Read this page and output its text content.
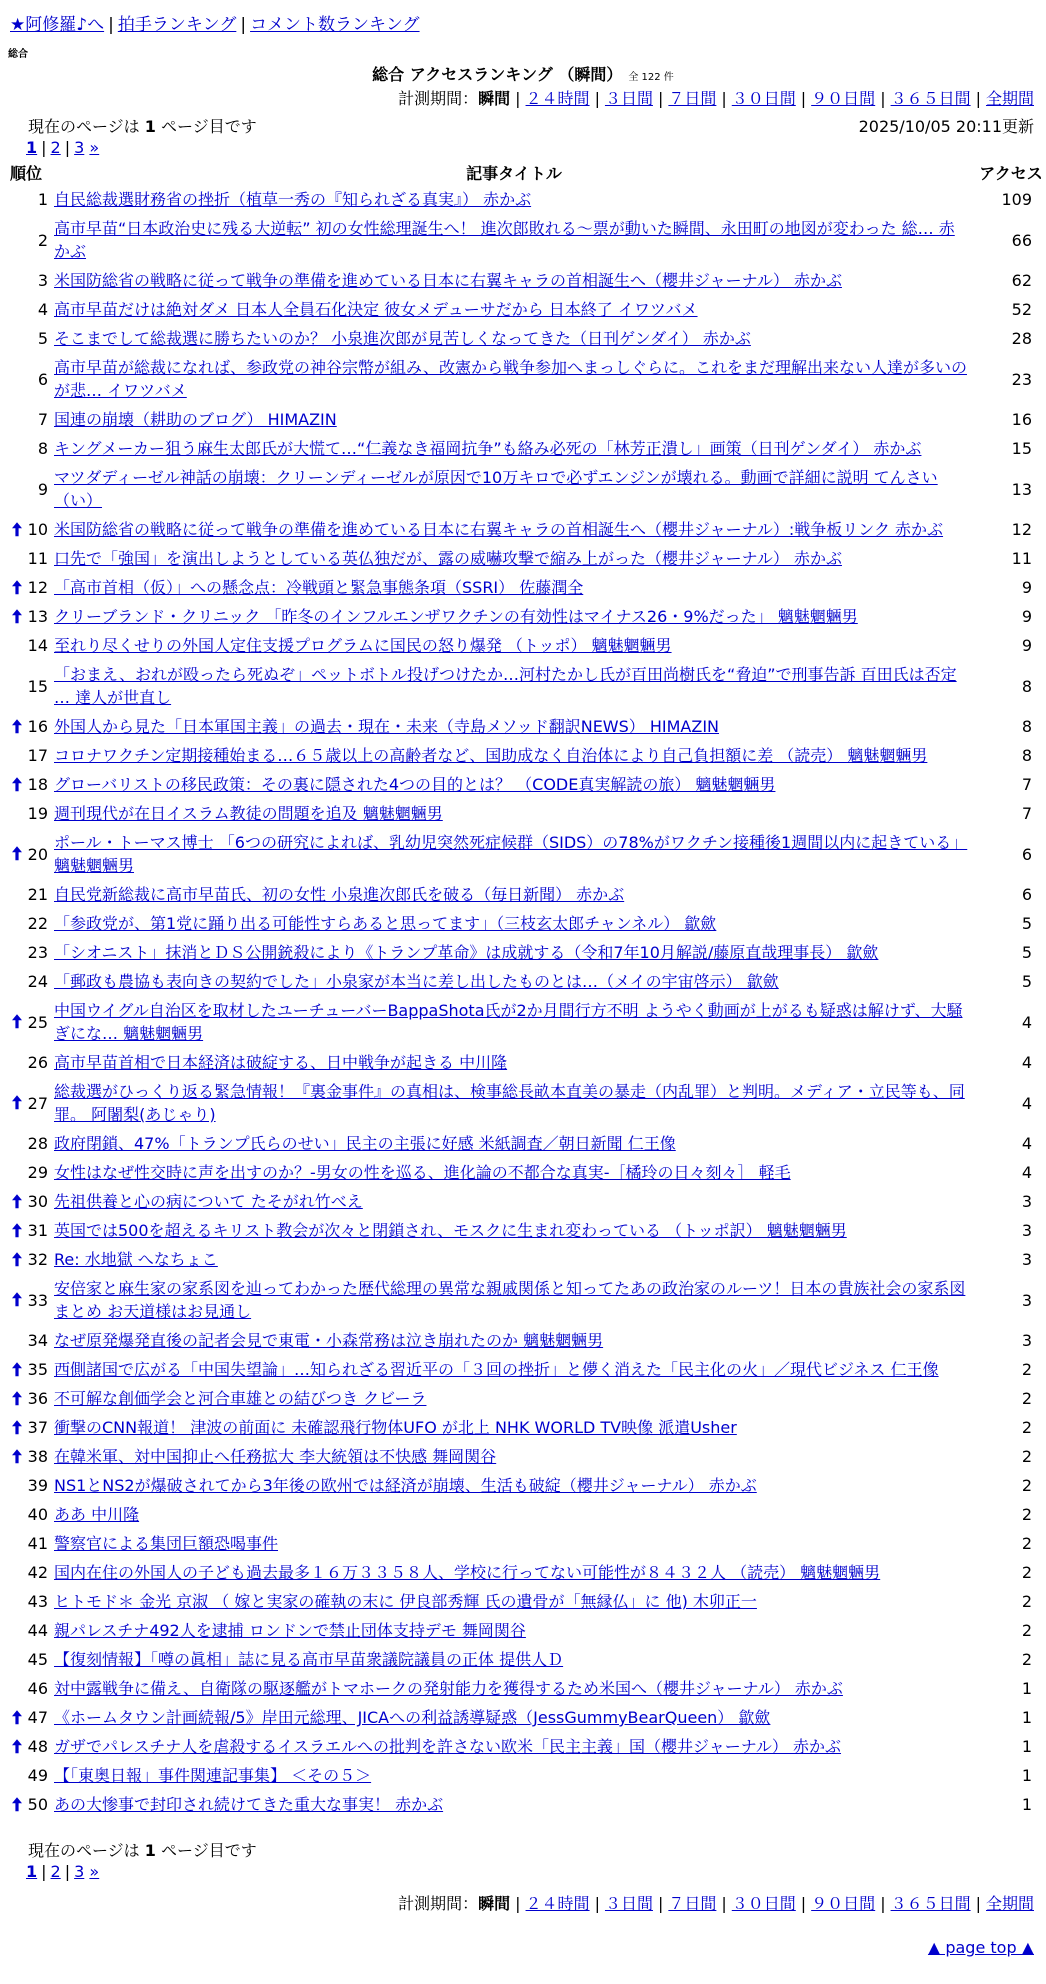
★阿修羅♪へ | 拍手ランキング | コメント数ランキング
総合
総合 アクセスランキング （瞬間） 全 122 件
計測期間：瞬間 | ２４時間 | ３日間 | ７日間 | ３０日間 | ９０日間 | ３６５日間 | 全期間
現在のページは 1 ページ目です	2025/10/05 20:11更新
1 | 2 | 3 »
順位	記事タイトル	アクセス
1	自民総裁選財務省の挫折（植草一秀の『知られざる真実』） 赤かぶ	109
2	高市早苗“日本政治史に残る大逆転” 初の女性総理誕生へ！ 進次郎敗れる〜票が動いた瞬間、永田町の地図が変わった 総… 赤かぶ	66
3	米国防総省の戦略に従って戦争の準備を進めている日本に右翼キャラの首相誕生へ（櫻井ジャーナル） 赤かぶ	62
4	高市早苗だけは絶対ダメ 日本人全員石化決定 彼女メデューサだから 日本終了 イワツバメ	52
5	そこまでして総裁選に勝ちたいのか？ 小泉進次郎が見苦しくなってきた（日刊ゲンダイ） 赤かぶ	28
6	高市早苗が総裁になれば、参政党の神谷宗幣が組み、改憲から戦争参加へまっしぐらに。これをまだ理解出来ない人達が多いのが悲… イワツバメ	23
7	国連の崩壊（耕助のブログ） HIMAZIN	16
8	キングメーカー狙う麻生太郎氏が大慌て…“仁義なき福岡抗争”も絡み必死の「林芳正潰し」画策（日刊ゲンダイ） 赤かぶ	15
9	マツダディーゼル神話の崩壊：クリーンディーゼルが原因で10万キロで必ずエンジンが壊れる。動画で詳細に説明 てんさい（い）	13

10	米国防総省の戦略に従って戦争の準備を進めている日本に右翼キャラの首相誕生へ（櫻井ジャーナル）:戦争板リンク 赤かぶ	12
11	口先で「強国」を演出しようとしている英仏独だが、露の威嚇攻撃で縮み上がった（櫻井ジャーナル） 赤かぶ	11

12	「高市首相（仮）」への懸念点：冷戦頭と緊急事態条項（SSRI） 佐藤潤全	9

13	クリーブランド・クリニック 「昨冬のインフルエンザワクチンの有効性はマイナス26・9%だった」 魑魅魍魎男	9
14	至れり尽くせりの外国人定住支援プログラムに国民の怒り爆発 （トッポ） 魑魅魍魎男	9
15	「おまえ、おれが殴ったら死ぬぞ」ペットボトル投げつけたか…河村たかし氏が百田尚樹氏を“脅迫”で刑事告訴 百田氏は否定 … 達人が世直し	8

16	外国人から見た「日本軍国主義」の過去・現在・未来（寺島メソッド翻訳NEWS） HIMAZIN	8
17	コロナワクチン定期接種始まる…６５歳以上の高齢者など、国助成なく自治体により自己負担額に差 （読売） 魑魅魍魎男	8

18	グローバリストの移民政策：その裏に隠された4つの目的とは？ （CODE真実解読の旅） 魑魅魍魎男	7
19	週刊現代が在日イスラム教徒の問題を追及 魑魅魍魎男	7

20	ポール・トーマス博士 「6つの研究によれば、乳幼児突然死症候群（SIDS）の78%がワクチン接種後1週間以内に起きている」 魑魅魍魎男	6
21	自民党新総裁に高市早苗氏、初の女性 小泉進次郎氏を破る（毎日新聞） 赤かぶ	6
22	「参政党が、第1党に踊り出る可能性すらあると思ってます」（三枝玄太郎チャンネル） 歙歛	5
23	「シオニスト」抹消とＤＳ公開銃殺により《トランプ革命》は成就する（令和7年10月解説/藤原直哉理事長） 歙歛	5
24	「郵政も農協も表向きの契約でした」小泉家が本当に差し出したものとは…（メイの宇宙啓示） 歙歛	5

25	中国ウイグル自治区を取材したユーチューバーBappaShota氏が2か月間行方不明 ようやく動画が上がるも疑惑は解けず、大騒ぎにな… 魑魅魍魎男	4
26	高市早苗首相で日本経済は破綻する、日中戦争が起きる 中川隆	4

27	総裁選がひっくり返る緊急情報！『裏金事件』の真相は、検事総長畝本直美の暴走（内乱罪）と判明。メディア・立民等も、同罪。 阿闍梨(あじゃり)	4
28	政府閉鎖、47%「トランプ氏らのせい」民主の主張に好感 米紙調査／朝日新聞 仁王像	4
29	女性はなぜ性交時に声を出すのか？-男女の性を巡る、進化論の不都合な真実-［橘玲の日々刻々］ 軽毛	4

30	先祖供養と心の病について たそがれ竹べえ	3

31	英国では500を超えるキリスト教会が次々と閉鎖され、モスクに生まれ変わっている （トッポ訳） 魑魅魍魎男	3

32	Re: 水地獄 へなちょこ	3

33	安倍家と麻生家の家系図を辿ってわかった歴代総理の異常な親戚関係と知ってたあの政治家のルーツ！日本の貴族社会の家系図まとめ お天道様はお見通し	3
34	なぜ原発爆発直後の記者会見で東電・小森常務は泣き崩れたのか 魑魅魍魎男	3

35	西側諸国で広がる「中国失望論」…知られざる習近平の「３回の挫折」と儚く消えた「民主化の火」／現代ビジネス 仁王像	2

36	不可解な創価学会と河合車雄との結びつき クビーラ	2

37	衝撃のCNN報道！ 津波の前面に 未確認飛行物体UFO が北上 NHK WORLD TV映像 派遣Usher	2

38	在韓米軍、対中国抑止へ任務拡大 李大統領は不快感 舞岡関谷	2
39	NS1とNS2が爆破されてから3年後の欧州では経済が崩壊、生活も破綻（櫻井ジャーナル） 赤かぶ	2
40	ああ 中川隆	2
41	警察官による集団巨額恐喝事件	2
42	国内在住の外国人の子ども過去最多１６万３３５８人、学校に行ってない可能性が８４３２人 （読売） 魑魅魍魎男	2
43	ヒトモド＊ 金光 京淑 （ 嫁と実家の確執の末に 伊良部秀輝 氏の遺骨が「無縁仏」に 他) 木卯正一	2
44	親パレスチナ492人を逮捕 ロンドンで禁止団体支持デモ 舞岡関谷	2
45	【復刻情報】「噂の眞相」誌に見る高市早苗衆議院議員の正体 提供人Ｄ	2
46	対中露戦争に備え、自衛隊の駆逐艦がトマホークの発射能力を獲得するため米国へ（櫻井ジャーナル） 赤かぶ	1

47	《ホームタウン計画続報/5》岸田元総理、JICAへの利益誘導疑惑（JessGummyBearQueen） 歙歛	1

48	ガザでパレスチナ人を虐殺するイスラエルへの批判を許さない欧米「民主主義」国（櫻井ジャーナル） 赤かぶ	1
49	【「東奥日報」事件関連記事集】 ＜その５＞	1

50	あの大惨事で封印され続けてきた重大な事実！ 赤かぶ	1
現在のページは 1 ページ目です
1 | 2 | 3 »
計測期間：瞬間 | ２４時間 | ３日間 | ７日間 | ３０日間 | ９０日間 | ３６５日間 | 全期間
▲ page top ▲
